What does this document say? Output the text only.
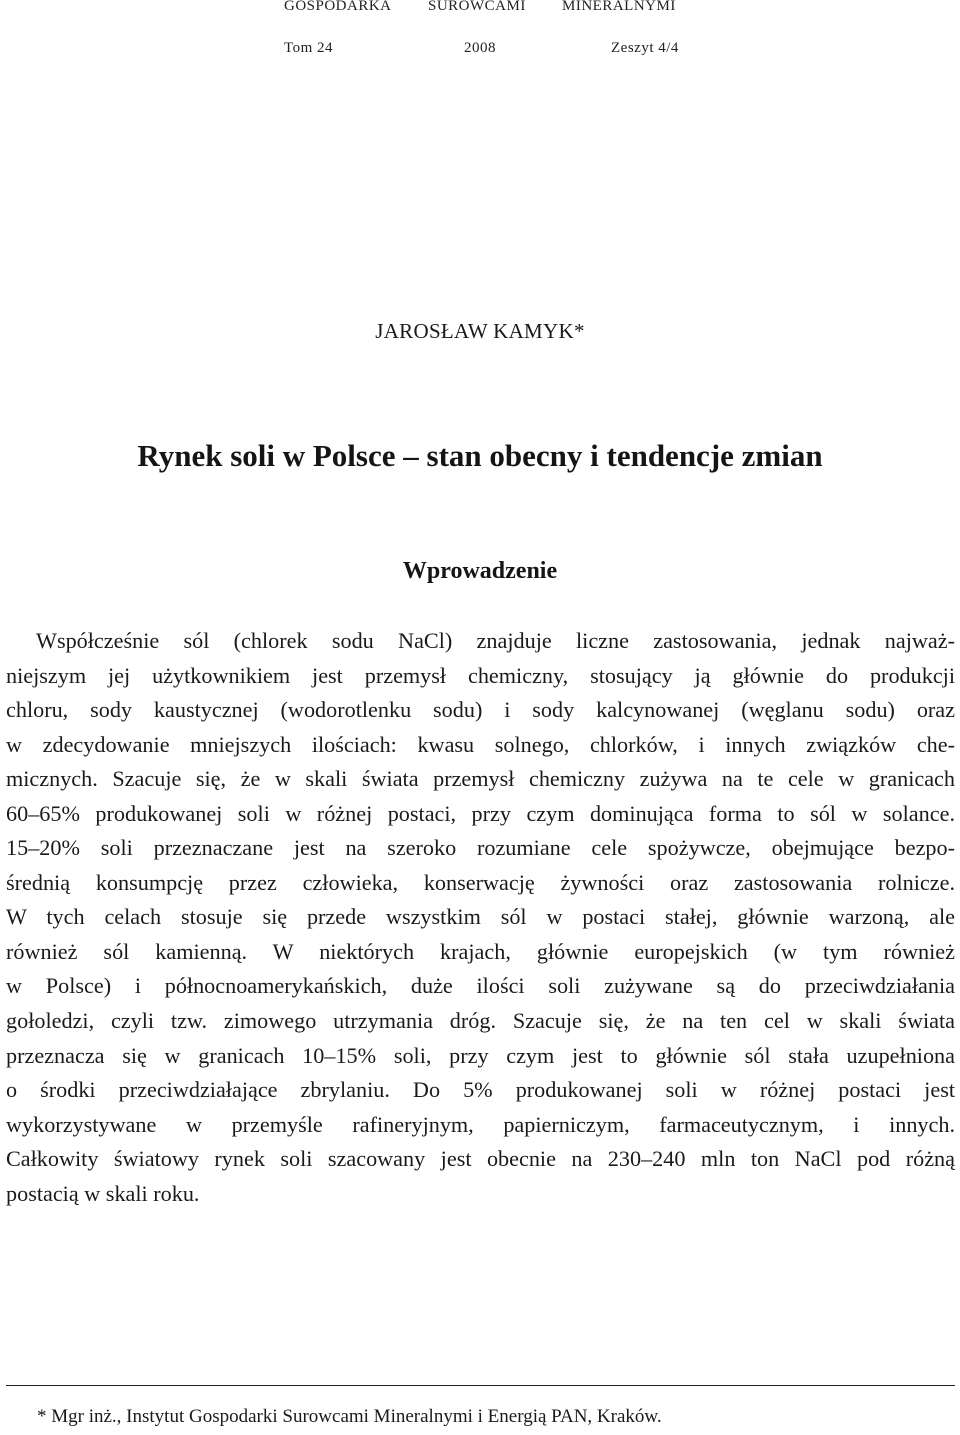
GOSPODARKA SUROWCAMI MINERALNYMI
Tom 24	2008	Zeszyt 4/4
JAROSŁAW KAMYK*
Rynek soli w Polsce – stan obecny i tendencje zmian
Wprowadzenie
Współcześnie sól (chlorek sodu NaCl) znajduje liczne zastosowania, jednak najważ-
niejszym jej użytkownikiem jest przemysł chemiczny, stosujący ją głównie do produkcji
chloru, sody kaustycznej (wodorotlenku sodu) i sody kalcynowanej (węglanu sodu) oraz
w zdecydowanie mniejszych ilościach: kwasu solnego, chlorków, i innych związków che-
micznych. Szacuje się, że w skali świata przemysł chemiczny zużywa na te cele w granicach
60–65% produkowanej soli w różnej postaci, przy czym dominująca forma to sól w solance.
15–20% soli przeznaczane jest na szeroko rozumiane cele spożywcze, obejmujące bezpo-
średnią konsumpcję przez człowieka, konserwację żywności oraz zastosowania rolnicze.
W tych celach stosuje się przede wszystkim sól w postaci stałej, głównie warzoną, ale
również sól kamienną. W niektórych krajach, głównie europejskich (w tym również
w Polsce) i północnoamerykańskich, duże ilości soli zużywane są do przeciwdziałania
gołoledzi, czyli tzw. zimowego utrzymania dróg. Szacuje się, że na ten cel w skali świata
przeznacza się w granicach 10–15% soli, przy czym jest to głównie sól stała uzupełniona
o środki przeciwdziałające zbrylaniu. Do 5% produkowanej soli w różnej postaci jest
wykorzystywane w przemyśle rafineryjnym, papierniczym, farmaceutycznym, i innych.
Całkowity światowy rynek soli szacowany jest obecnie na 230–240 mln ton NaCl pod różną
postacią w skali roku.
* Mgr inż., Instytut Gospodarki Surowcami Mineralnymi i Energią PAN, Kraków.
